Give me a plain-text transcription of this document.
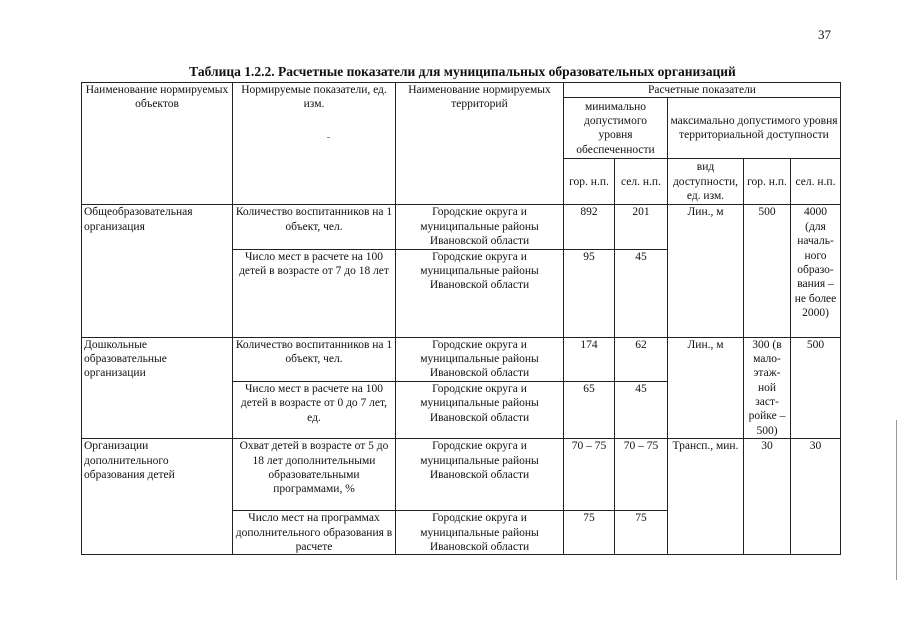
37
Таблица 1.2.2. Расчетные показатели для муниципальных образовательных организаций
Наименование нормируемых объектов	Нормируемые показатели, ед. изм.	Наименование нормируемых территорий	Расчетные показатели				
			минимально допустимого уровня обеспеченности		максимально допустимого уровня территориальной доступности		
			гор. н.п.	сел. н.п.	вид доступности, ед. изм.	гор. н.п.	сел. н.п.
Общеобразовательная организация	Количество воспитанников на 1 объект, чел.	Городские округа и муниципальные районы Ивановской области	892	201	Лин., м	500	4000 (для началь-ного образо-вания – не более 2000)
	Число мест в расчете на 100 детей в возрасте от 7 до 18 лет	Городские округа и муниципальные районы Ивановской области	95	45			
Дошкольные образовательные организации	Количество воспитанников на 1 объект, чел.	Городские округа и муниципальные районы Ивановской области	174	62	Лин., м	300 (в мало-этаж-ной заст-ройке – 500)	500
	Число мест в расчете на 100 детей в возрасте от 0 до 7 лет, ед.	Городские округа и муниципальные районы Ивановской области	65	45			
Организации дополнительного образования детей	Охват детей в возрасте от 5 до 18 лет дополнительными образовательными программами, %	Городские округа и муниципальные районы Ивановской области	70 – 75	70 – 75	Трансп., мин.	30	30
	Число мест на программах дополнительного образования в расчете	Городские округа и муниципальные районы Ивановской области	75	75			
